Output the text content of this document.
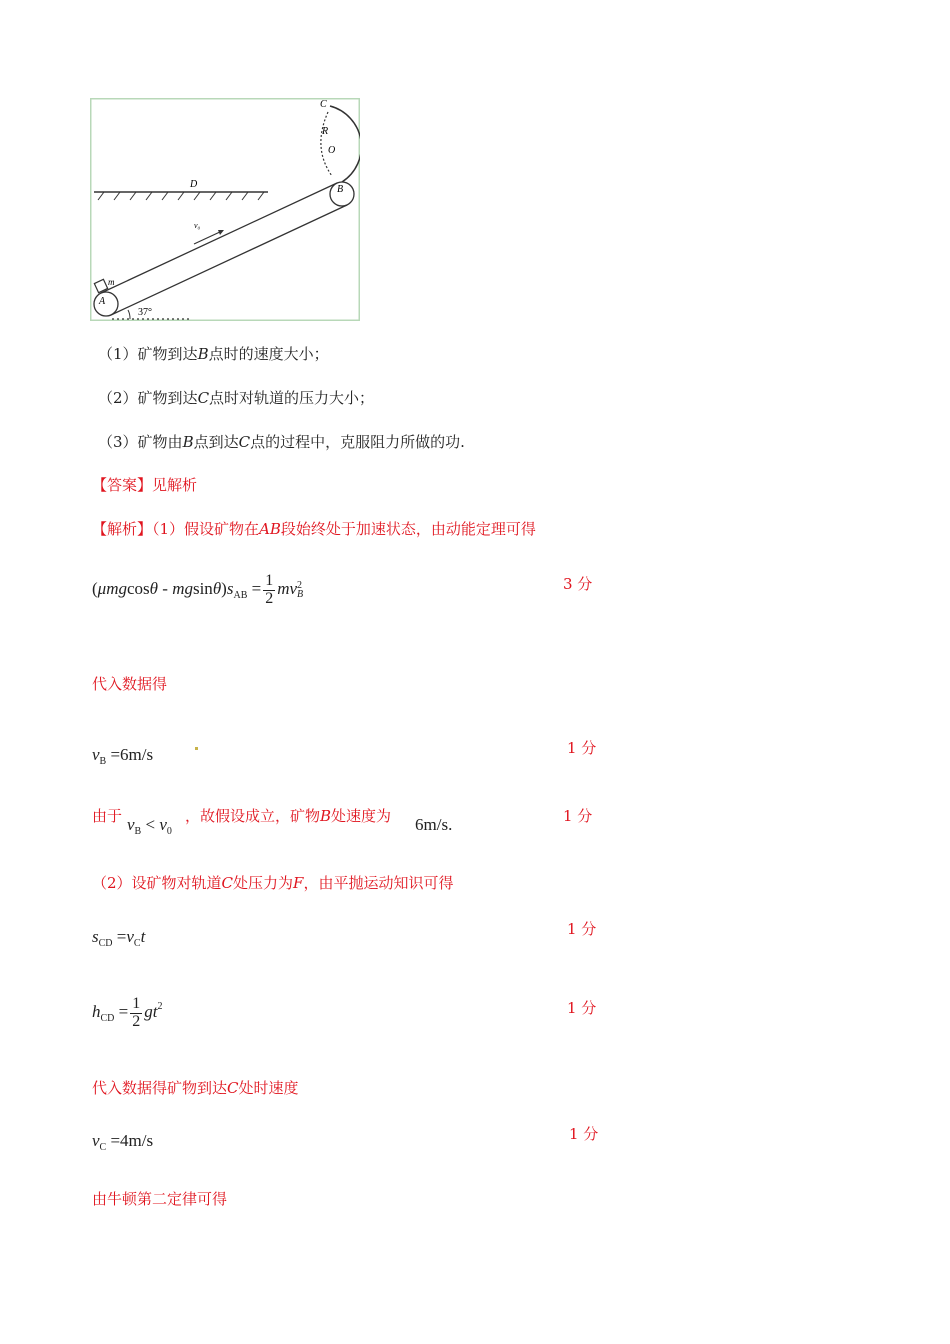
C
R
O
D	B
A
m
v₀
37°
（1）矿物到达B点时的速度大小；
（2）矿物到达C点时对轨道的压力大小；
（3）矿物由B点到达C点的过程中，克服阻力所做的功.
【答案】见解析
【解析】（1）假设矿物在AB段始终处于加速状态，由动能定理可得
$(\mu mgcos\theta - mgsin\theta)s_{AB} = \frac{1}{2}$ mv 2
B
3 分
代入数据得
$v_B =6m/s$	1 分
由于 $v_B < v_0$
，故假设成立，矿物B处速度为 6m/s.	1 分
（2）设矿物对轨道C处压力为F，由平抛运动知识可得
$s_{CD} =v_Ct$	1 分
$h_{CD} = \frac{1}{2} gt^2$	1 分
代入数据得矿物到达C处时速度
$v_C =4m/s$	1 分
由牛顿第二定律可得
